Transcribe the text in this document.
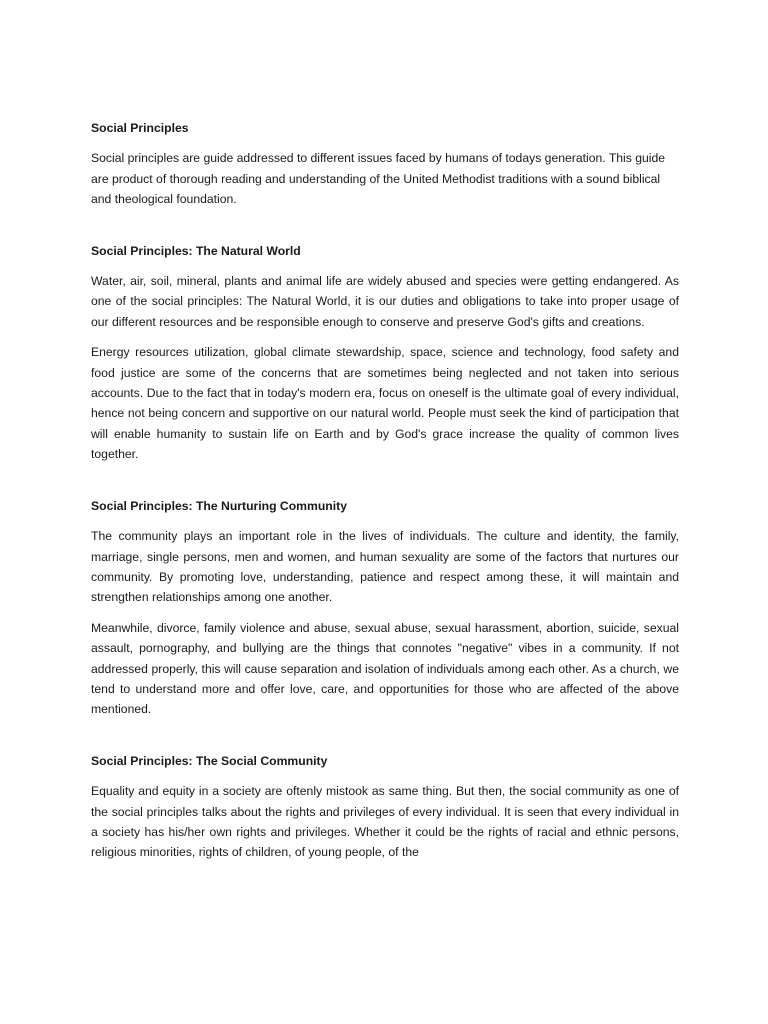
Social Principles
Social principles are guide addressed to different issues faced by humans of todays generation. This guide are product of thorough reading and understanding of the United Methodist traditions with a sound biblical and theological foundation.
Social Principles: The Natural World
Water, air, soil, mineral, plants and animal life are widely abused and species were getting endangered. As one of the social principles: The Natural World, it is our duties and obligations to take into proper usage of our different resources and be responsible enough to conserve and preserve God's gifts and creations.
Energy resources utilization, global climate stewardship, space, science and technology, food safety and food justice are some of the concerns that are sometimes being neglected and not taken into serious accounts. Due to the fact that in today's modern era, focus on oneself is the ultimate goal of every individual, hence not being concern and supportive on our natural world. People must seek the kind of participation that will enable humanity to sustain life on Earth and by God's grace increase the quality of common lives together.
Social Principles: The Nurturing Community
The community plays an important role in the lives of individuals. The culture and identity, the family, marriage, single persons, men and women, and human sexuality are some of the factors that nurtures our community. By promoting love, understanding, patience and respect among these, it will maintain and strengthen relationships among one another.
Meanwhile, divorce, family violence and abuse, sexual abuse, sexual harassment, abortion, suicide, sexual assault, pornography, and bullying are the things that connotes "negative" vibes in a community. If not addressed properly, this will cause separation and isolation of individuals among each other. As a church, we tend to understand more and offer love, care, and opportunities for those who are affected of the above mentioned.
Social Principles: The Social Community
Equality and equity in a society are oftenly mistook as same thing. But then, the social community as one of the social principles talks about the rights and privileges of every individual. It is seen that every individual in a society has his/her own rights and privileges. Whether it could be the rights of racial and ethnic persons, religious minorities, rights of children, of young people, of the
